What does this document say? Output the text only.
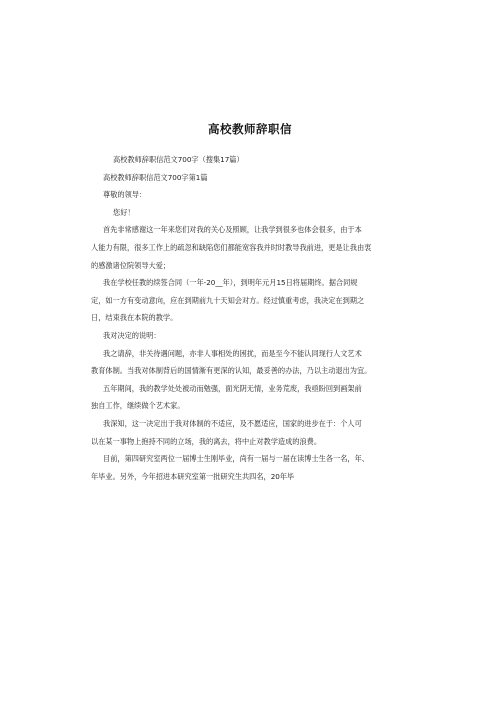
高校教师辞职信
高校教师辞职信范文700字（搜集17篇）
高校教师辞职信范文700字第1篇
尊敬的领导：
您好！
首先非常感谢这一年来您们对我的关心及照顾，让我学到很多也体会很多，由于本
人能力有限，很多工作上的疏忽和缺陷您们都能宽容我并时时教导我前进，更是让我由衷
的感激诸位院领导大爱；
我在学校任教的续签合同（一年-20__年），到明年元月15日将届期终。据合同规
定，如一方有变动意向，应在到期前九十天知会对方。经过慎重考虑，我决定在到期之
日，结束我在本院的教学。
我对决定的说明：
我之请辞，非关待遇问题，亦非人事相处的困扰，而是至今不能认同现行人文艺术
教育体制。当我对体制背后的国情渐有更深的认知，最妥善的办法，乃以主动退出为宜。
五年期间，我的教学处处被动而勉强，面光阴无情，业务荒废，我亟盼回到画架前
独自工作，继续做个艺术家。
我深知，这一决定出于我对体制的不适应，及不愿适应，国家的进步在于：个人可
以在某一事物上抱持不同的立场，我的离去，将中止对教学造成的浪费。
目前，第四研究室两位一届博士生刚毕业，尚有一届与一届在读博士生各一名，年、
年毕业。另外，今年招进本研究室第一批研究生共四名，20年毕
